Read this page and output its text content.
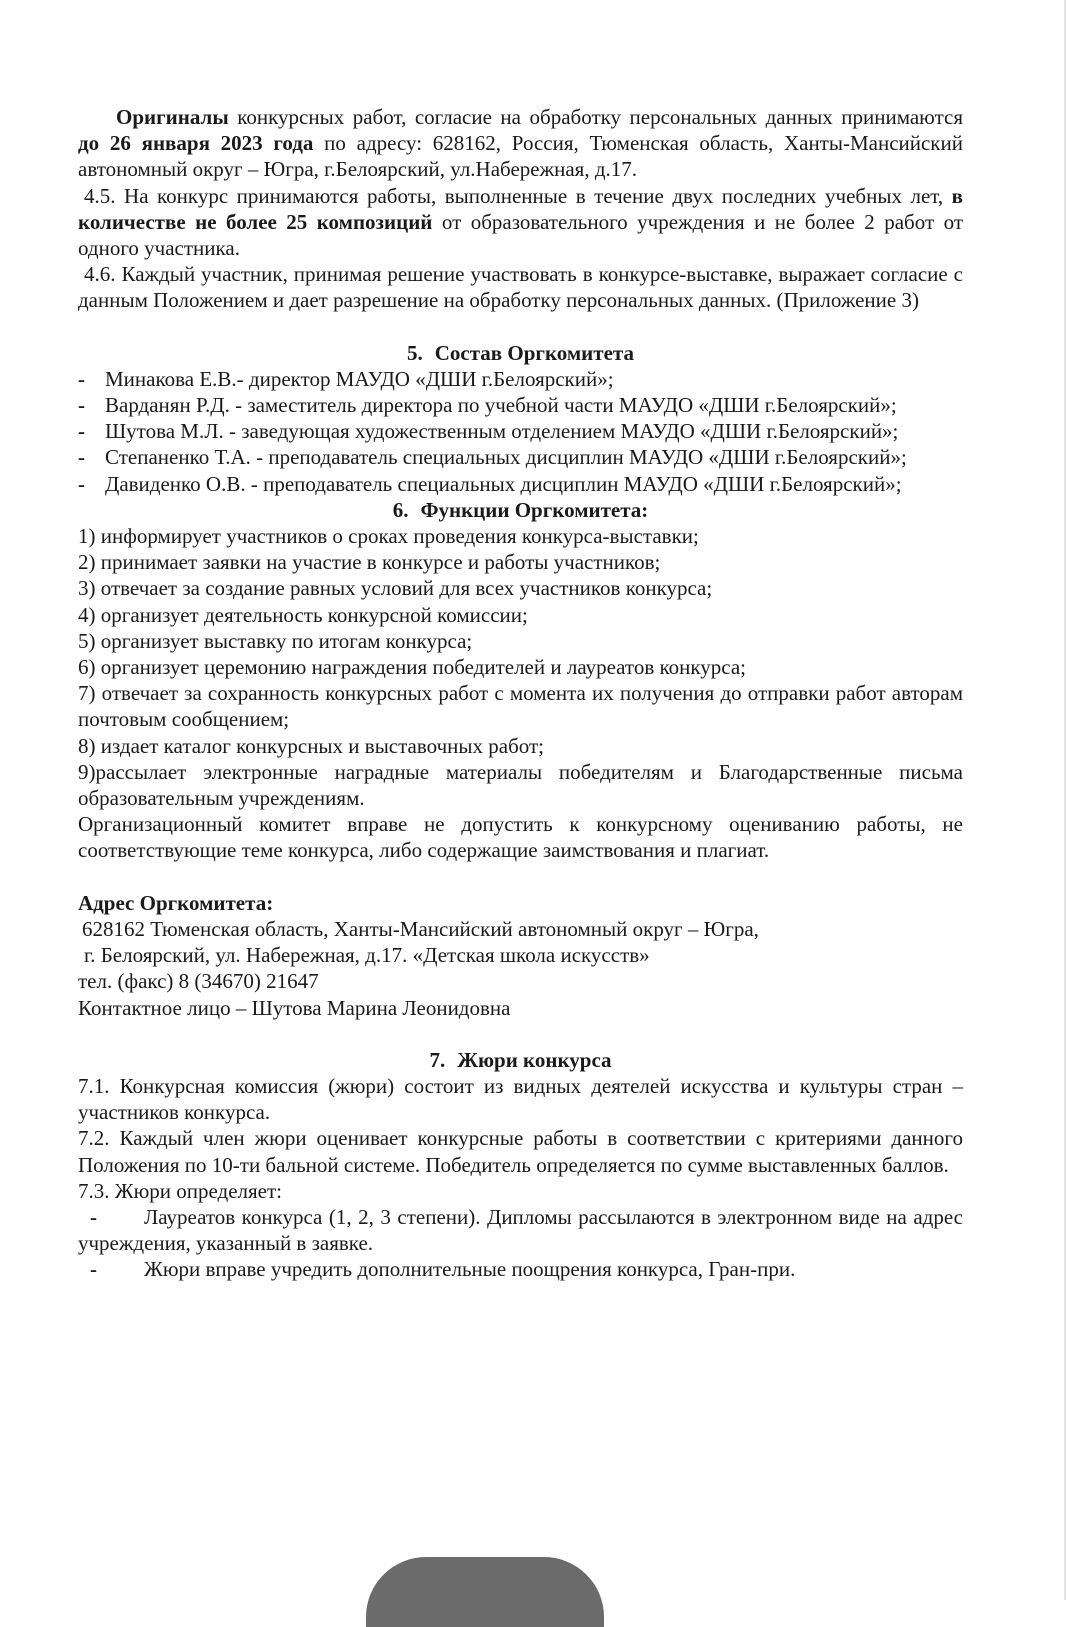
Оригиналы конкурсных работ, согласие на обработку персональных данных принимаются до 26 января 2023 года по адресу: 628162, Россия, Тюменская область, Ханты-Мансийский автономный округ – Югра, г.Белоярский, ул.Набережная, д.17.

4.5. На конкурс принимаются работы, выполненные в течение двух последних учебных лет, в количестве не более 25 композиций от образовательного учреждения и не более 2 работ от одного участника.

4.6. Каждый участник, принимая решение участвовать в конкурсе-выставке, выражает согласие с данным Положением и дает разрешение на обработку персональных данных. (Приложение 3)

5. Состав Оргкомитета

- Минакова Е.В.- директор МАУДО «ДШИ г.Белоярский»;

- Варданян Р.Д. - заместитель директора по учебной части МАУДО «ДШИ г.Белоярский»;

- Шутова М.Л. - заведующая художественным отделением МАУДО «ДШИ г.Белоярский»;

- Степаненко Т.А. - преподаватель специальных дисциплин МАУДО «ДШИ г.Белоярский»;

- Давиденко О.В. - преподаватель специальных дисциплин МАУДО «ДШИ г.Белоярский»;

6. Функции Оргкомитета:

1) информирует участников о сроках проведения конкурса-выставки;

2) принимает заявки на участие в конкурсе и работы участников;

3) отвечает за создание равных условий для всех участников конкурса;

4) организует деятельность конкурсной комиссии;

5) организует выставку по итогам конкурса;

6) организует церемонию награждения победителей и лауреатов конкурса;

7) отвечает за сохранность конкурсных работ с момента их получения до отправки работ авторам почтовым сообщением;

8) издает каталог конкурсных и выставочных работ;

9)рассылает электронные наградные материалы победителям и Благодарственные письма образовательным учреждениям.

Организационный комитет вправе не допустить к конкурсному оцениванию работы, не соответствующие теме конкурса, либо содержащие заимствования и плагиат.

Адрес Оргкомитета:

628162 Тюменская область, Ханты-Мансийский автономный округ – Югра,

г. Белоярский, ул. Набережная, д.17. «Детская школа искусств»

тел. (факс) 8 (34670) 21647

Контактное лицо – Шутова Марина Леонидовна

7. Жюри конкурса

7.1. Конкурсная комиссия (жюри) состоит из видных деятелей искусства и культуры стран – участников конкурса.

7.2. Каждый член жюри оценивает конкурсные работы в соответствии с критериями данного Положения по 10-ти бальной системе. Победитель определяется по сумме выставленных баллов.

7.3. Жюри определяет:

- Лауреатов конкурса (1, 2, 3 степени). Дипломы рассылаются в электронном виде на адрес учреждения, указанный в заявке.

- Жюри вправе учредить дополнительные поощрения конкурса, Гран-при.
